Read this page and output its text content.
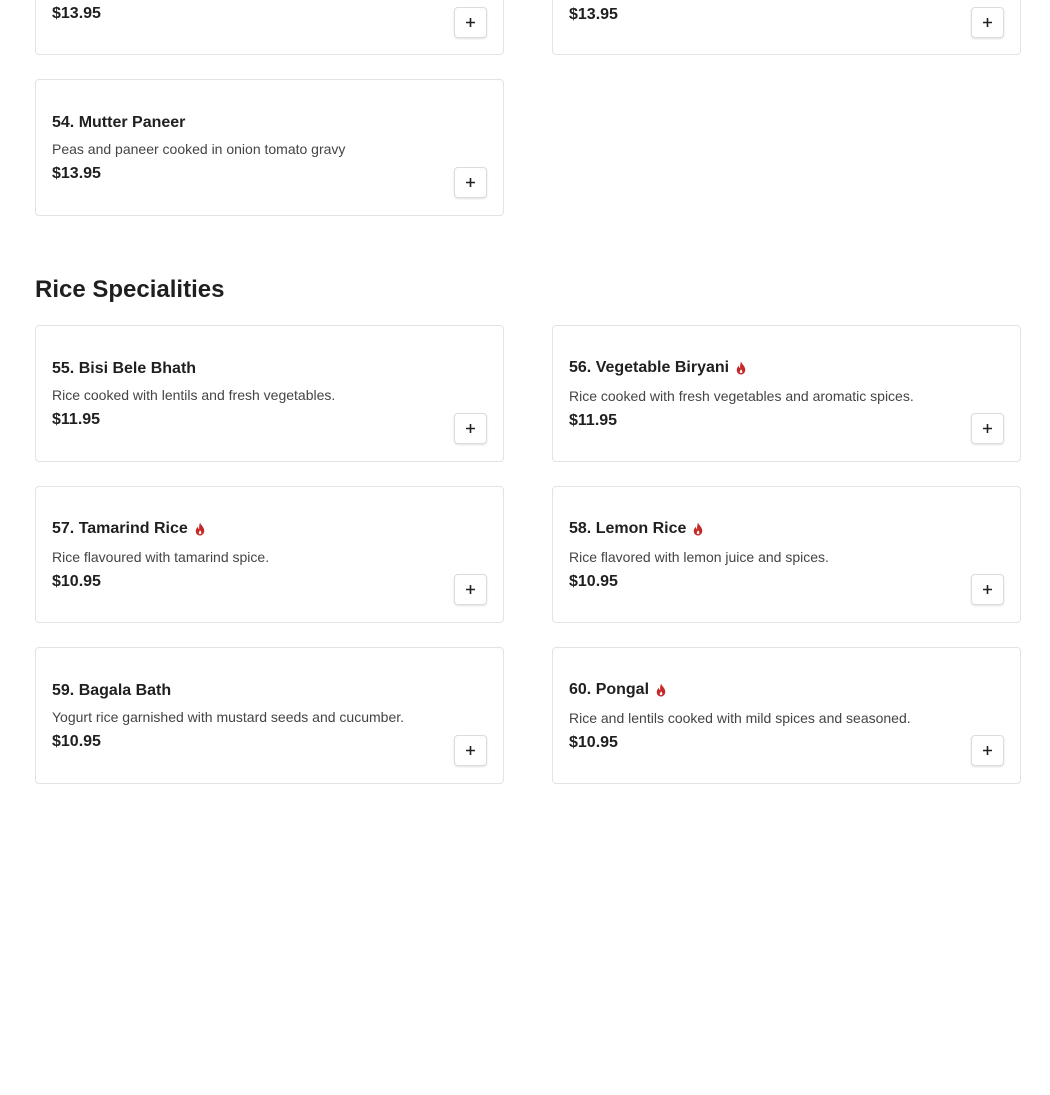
$13.95	$13.95
54. Mutter Paneer
Peas and paneer cooked in onion tomato gravy
$13.95
Rice Specialities
55. Bisi Bele Bhath
Rice cooked with lentils and fresh vegetables.
$11.95
56. Vegetable Biryani
Rice cooked with fresh vegetables and aromatic spices.
$11.95
57. Tamarind Rice
Rice flavoured with tamarind spice.
$10.95
58. Lemon Rice
Rice flavored with lemon juice and spices.
$10.95
59. Bagala Bath
Yogurt rice garnished with mustard seeds and cucumber.
$10.95
60. Pongal
Rice and lentils cooked with mild spices and seasoned.
$10.95
